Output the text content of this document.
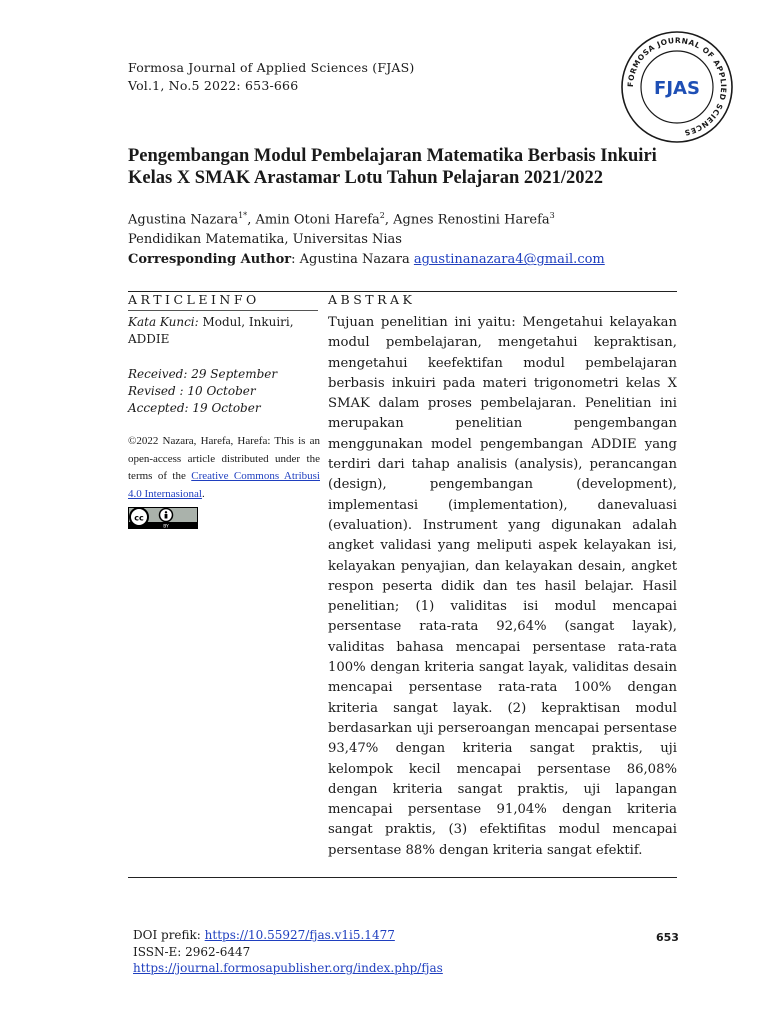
Formosa Journal of Applied Sciences (FJAS)
Vol.1, No.5 2022: 653-666	FORMOSA JOURNAL OF APPLIED SCIENCES
FJAS
Pengembangan Modul Pembelajaran Matematika Berbasis Inkuiri Kelas X SMAK Arastamar Lotu Tahun Pelajaran 2021/2022
Agustina Nazara$^{1*}$, Amin Otoni Harefa$^2$, Agnes Renostini Harefa$^3$
Pendidikan Matematika, Universitas Nias
Corresponding Author: Agustina Nazara agustinanazara4@gmail.com
ARTICLEINFO	ABSTRAK
Kata Kunci: Modul, Inkuiri, ADDIE
Received: 29 September
Revised : 10 October
Accepted: 19 October
©2022 Nazara, Harefa, Harefa: This is an open-access article distributed under the terms of the Creative Commons Atribusi 4.0 Internasional.
cc
BY

Tujuan penelitian ini yaitu: Mengetahui kelayakan modul pembelajaran, mengetahui kepraktisan, mengetahui keefektifan modul pembelajaran berbasis inkuiri pada materi trigonometri kelas X SMAK dalam proses pembelajaran. Penelitian ini merupakan penelitian pengembangan menggunakan model pengembangan ADDIE yang terdiri dari tahap analisis (analysis), perancangan (design), pengembangan (development), implementasi (implementation), danevaluasi (evaluation). Instrument yang digunakan adalah angket validasi yang meliputi aspek kelayakan isi, kelayakan penyajian, dan kelayakan desain, angket respon peserta didik dan tes hasil belajar. Hasil penelitian; (1) validitas isi modul mencapai persentase rata-rata 92,64% (sangat layak), validitas bahasa mencapai persentase rata-rata 100% dengan kriteria sangat layak, validitas desain mencapai persentase rata-rata 100% dengan kriteria sangat layak. (2) kepraktisan modul berdasarkan uji perseroangan mencapai persentase 93,47% dengan kriteria sangat praktis, uji kelompok kecil mencapai persentase 86,08% dengan kriteria sangat praktis, uji lapangan mencapai persentase 91,04% dengan kriteria sangat praktis, (3) efektifitas modul mencapai persentase 88% dengan kriteria sangat efektif.

DOI prefik: https://10.55927/fjas.v1i5.1477
ISSN-E: 2962-6447
https://journal.formosapublisher.org/index.php/fjas
653
